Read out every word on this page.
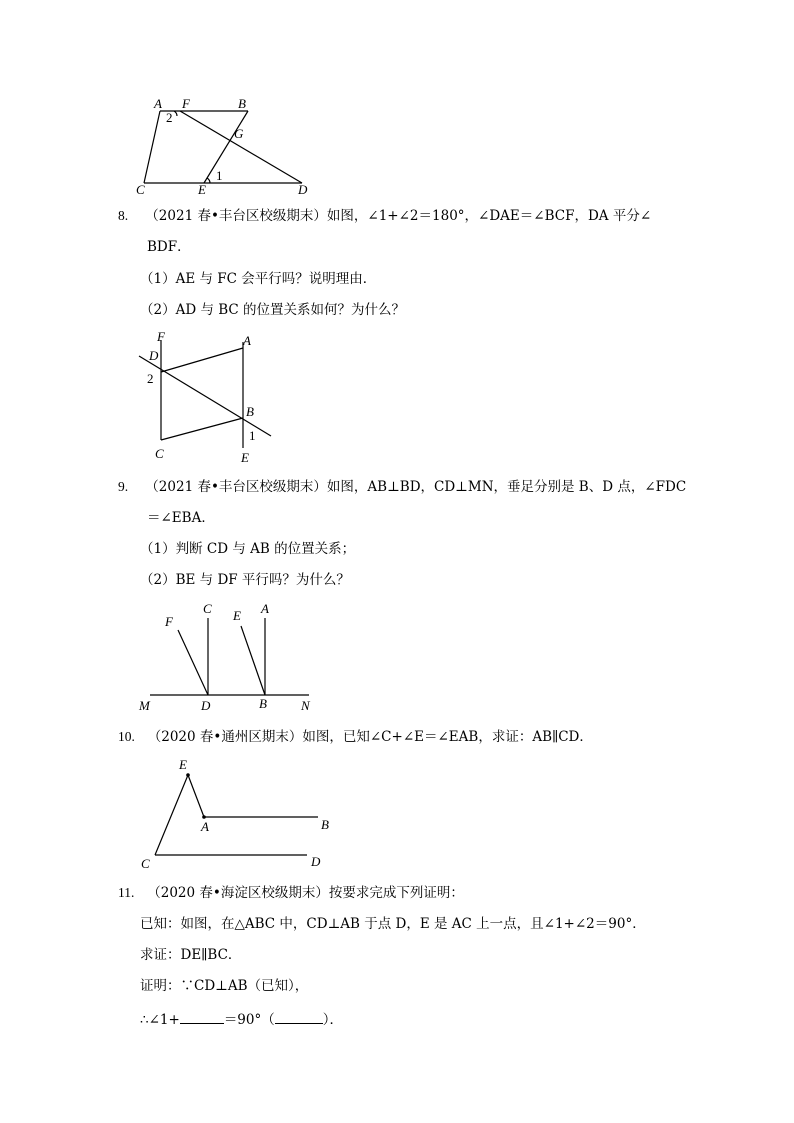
A F	B
G
C	E	D
2
1
8. （2021 春•丰台区校级期末）如图，∠1+∠2＝180°，∠DAE＝∠BCF，DA 平分∠
BDF．
（1）AE 与 FC 会平行吗？说明理由．
（2）AD 与 BC 的位置关系如何？为什么？
F
D
A
2
B
1
C	E
9. （2021 春•丰台区校级期末）如图，AB⊥BD，CD⊥MN，垂足分别是 B、D 点，∠FDC
＝∠EBA．
（1）判断 CD 与 AB 的位置关系；
（2）BE 与 DF 平行吗？为什么？
F
C E A
M	D	B	N
10. （2020 春•通州区期末）如图，已知∠C+∠E＝∠EAB，求证：AB∥CD．
E
A	B
C	D
11. （2020 春•海淀区校级期末）按要求完成下列证明：
已知：如图，在△ABC 中，CD⊥AB 于点 D，E 是 AC 上一点，且∠1+∠2＝90°．
求证：DE∥BC．
证明：∵CD⊥AB（已知），
∴∠1+	＝90°（	）．
